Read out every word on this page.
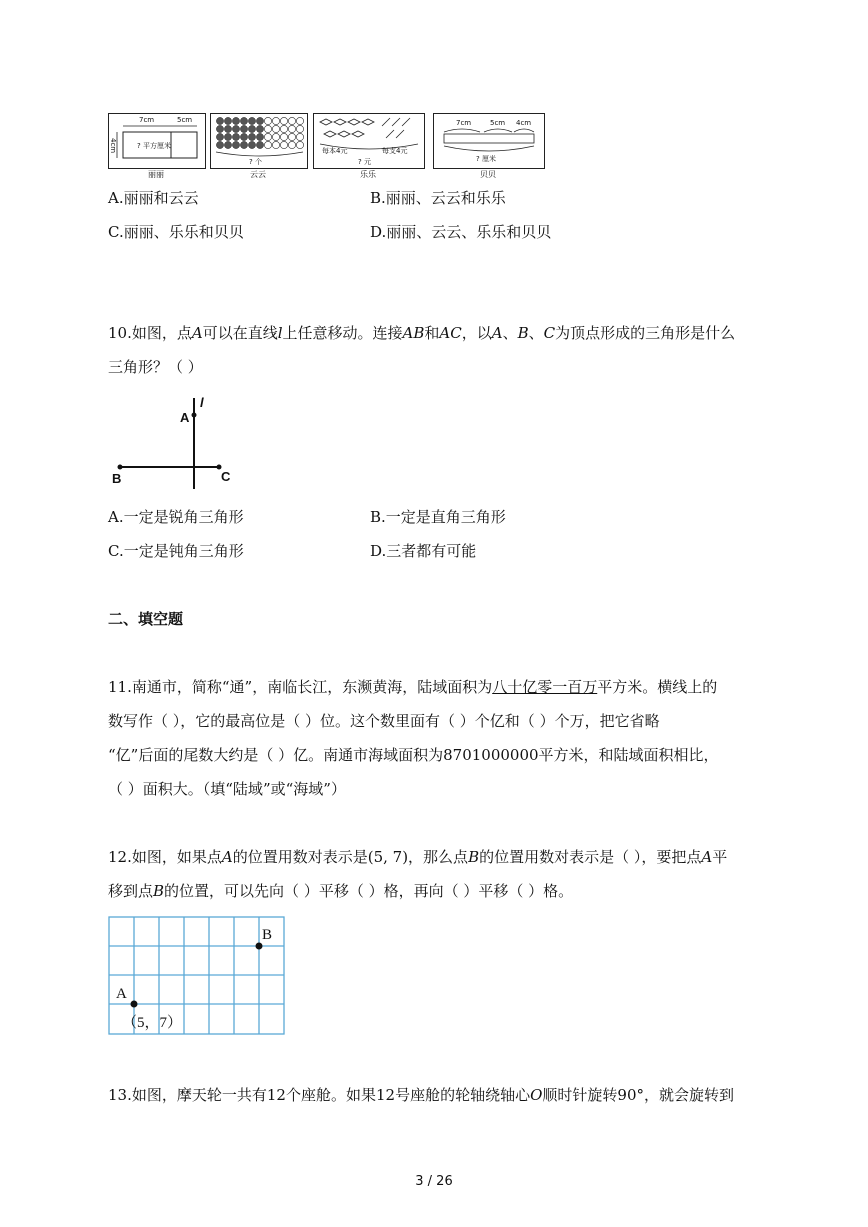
7cm	5cm
4cm	? 平方厘米
丽丽
? 个
云云
每本4元	每支4元
? 元
乐乐
7cm	5cm 4cm
? 厘米
贝贝
A.丽丽和云云	B.丽丽、云云和乐乐
C.丽丽、乐乐和贝贝	D.丽丽、云云、乐乐和贝贝
10.如图，点A可以在直线l上任意移动。连接AB和AC，以A、B、C为顶点形成的三角形是什么
三角形？（ ）
A
l
B	C
A.一定是锐角三角形	B.一定是直角三角形
C.一定是钝角三角形	D.三者都有可能
二、填空题
11.南通市，简称“通”，南临长江，东濒黄海，陆域面积为八十亿零一百万平方米。横线上的
数写作（ ），它的最高位是（ ）位。这个数里面有（ ）个亿和（ ）个万，把它省略
“亿”后面的尾数大约是（ ）亿。南通市海域面积为8701000000平方米，和陆域面积相比，
（ ）面积大。（填“陆域”或“海域”）
12.如图，如果点A的位置用数对表示是(5, 7)，那么点B的位置用数对表示是（ ），要把点A平
移到点B的位置，可以先向（ ）平移（ ）格，再向（ ）平移（ ）格。
A
B
（5，7）
13.如图，摩天轮一共有12个座舱。如果12号座舱的轮轴绕轴心O顺时针旋转90°，就会旋转到
3 / 26
